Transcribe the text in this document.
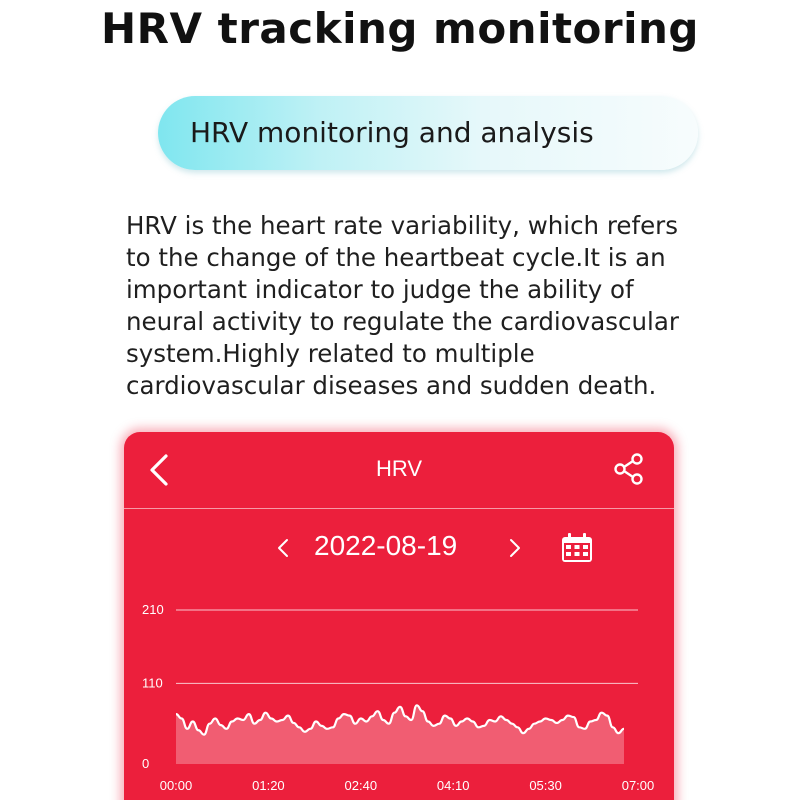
HRV tracking monitoring
HRV monitoring and analysis
HRV is the heart rate variability, which refers
to the change of the heartbeat cycle.It is an
important indicator to judge the ability of
neural activity to regulate the cardiovascular
system.Highly related to multiple
cardiovascular diseases and sudden death.
HRV
2022-08-19
210
110
0
00:00	01:20	02:40	04:10	05:30	07:00
